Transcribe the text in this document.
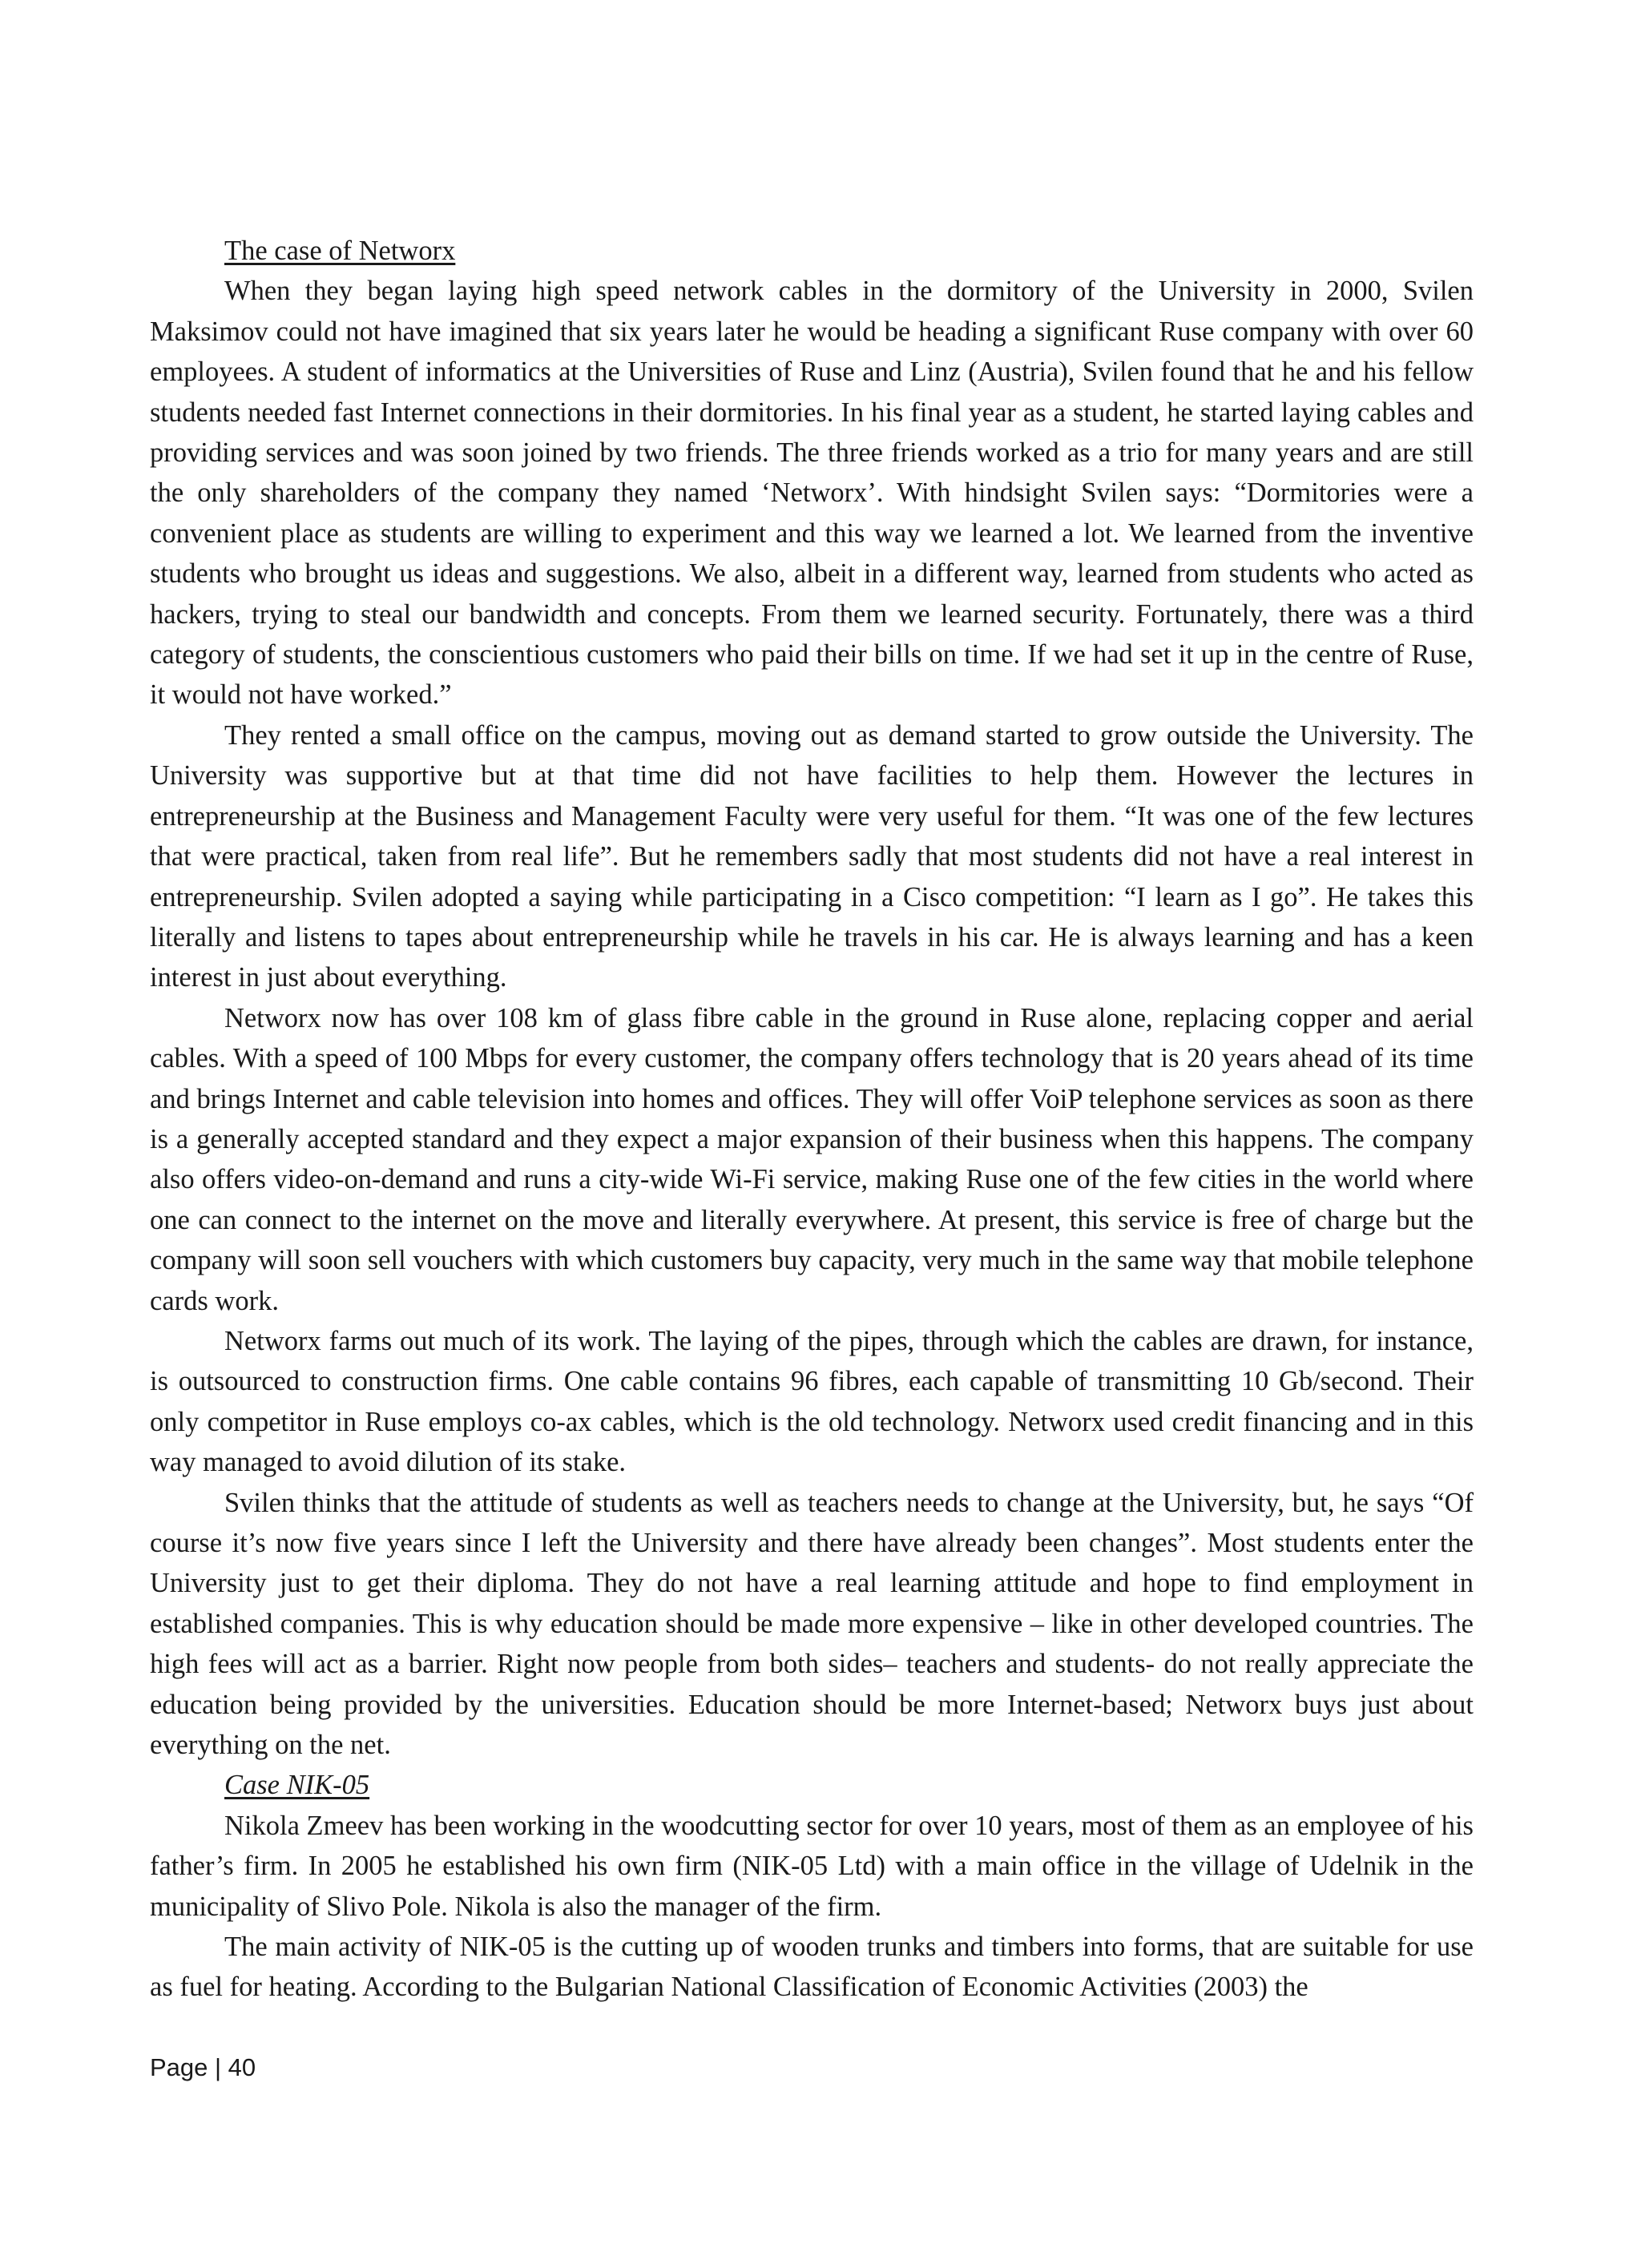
The case of Networx

When they began laying high speed network cables in the dormitory of the University in 2000, Svilen Maksimov could not have imagined that six years later he would be heading a significant Ruse company with over 60 employees. A student of informatics at the Universities of Ruse and Linz (Austria), Svilen found that he and his fellow students needed fast Internet connections in their dormitories. In his final year as a student, he started laying cables and providing services and was soon joined by two friends. The three friends worked as a trio for many years and are still the only shareholders of the company they named ‘Networx’. With hindsight Svilen says: “Dormitories were a convenient place as students are willing to experiment and this way we learned a lot. We learned from the inventive students who brought us ideas and suggestions. We also, albeit in a different way, learned from students who acted as hackers, trying to steal our bandwidth and concepts. From them we learned security. Fortunately, there was a third category of students, the conscientious customers who paid their bills on time. If we had set it up in the centre of Ruse, it would not have worked.”

They rented a small office on the campus, moving out as demand started to grow outside the University. The University was supportive but at that time did not have facilities to help them. However the lectures in entrepreneurship at the Business and Management Faculty were very useful for them. “It was one of the few lectures that were practical, taken from real life”. But he remembers sadly that most students did not have a real interest in entrepreneurship. Svilen adopted a saying while participating in a Cisco competition: “I learn as I go”. He takes this literally and listens to tapes about entrepreneurship while he travels in his car. He is always learning and has a keen interest in just about everything.

Networx now has over 108 km of glass fibre cable in the ground in Ruse alone, replacing copper and aerial cables. With a speed of 100 Mbps for every customer, the company offers technology that is 20 years ahead of its time and brings Internet and cable television into homes and offices. They will offer VoiP telephone services as soon as there is a generally accepted standard and they expect a major expansion of their business when this happens. The company also offers video-on-demand and runs a city-wide Wi-Fi service, making Ruse one of the few cities in the world where one can connect to the internet on the move and literally everywhere. At present, this service is free of charge but the company will soon sell vouchers with which customers buy capacity, very much in the same way that mobile telephone cards work.

Networx farms out much of its work. The laying of the pipes, through which the cables are drawn, for instance, is outsourced to construction firms. One cable contains 96 fibres, each capable of transmitting 10 Gb/second. Their only competitor in Ruse employs co-ax cables, which is the old technology. Networx used credit financing and in this way managed to avoid dilution of its stake.

Svilen thinks that the attitude of students as well as teachers needs to change at the University, but, he says “Of course it’s now five years since I left the University and there have already been changes”. Most students enter the University just to get their diploma. They do not have a real learning attitude and hope to find employment in established companies. This is why education should be made more expensive – like in other developed countries. The high fees will act as a barrier. Right now people from both sides– teachers and students- do not really appreciate the education being provided by the universities. Education should be more Internet-based; Networx buys just about everything on the net.

Case NIK-05

Nikola Zmeev has been working in the woodcutting sector for over 10 years, most of them as an employee of his father’s firm. In 2005 he established his own firm (NIK-05 Ltd) with a main office in the village of Udelnik in the municipality of Slivo Pole. Nikola is also the manager of the firm.

The main activity of NIK-05 is the cutting up of wooden trunks and timbers into forms, that are suitable for use as fuel for heating. According to the Bulgarian National Classification of Economic Activities (2003) the

Page | 40
